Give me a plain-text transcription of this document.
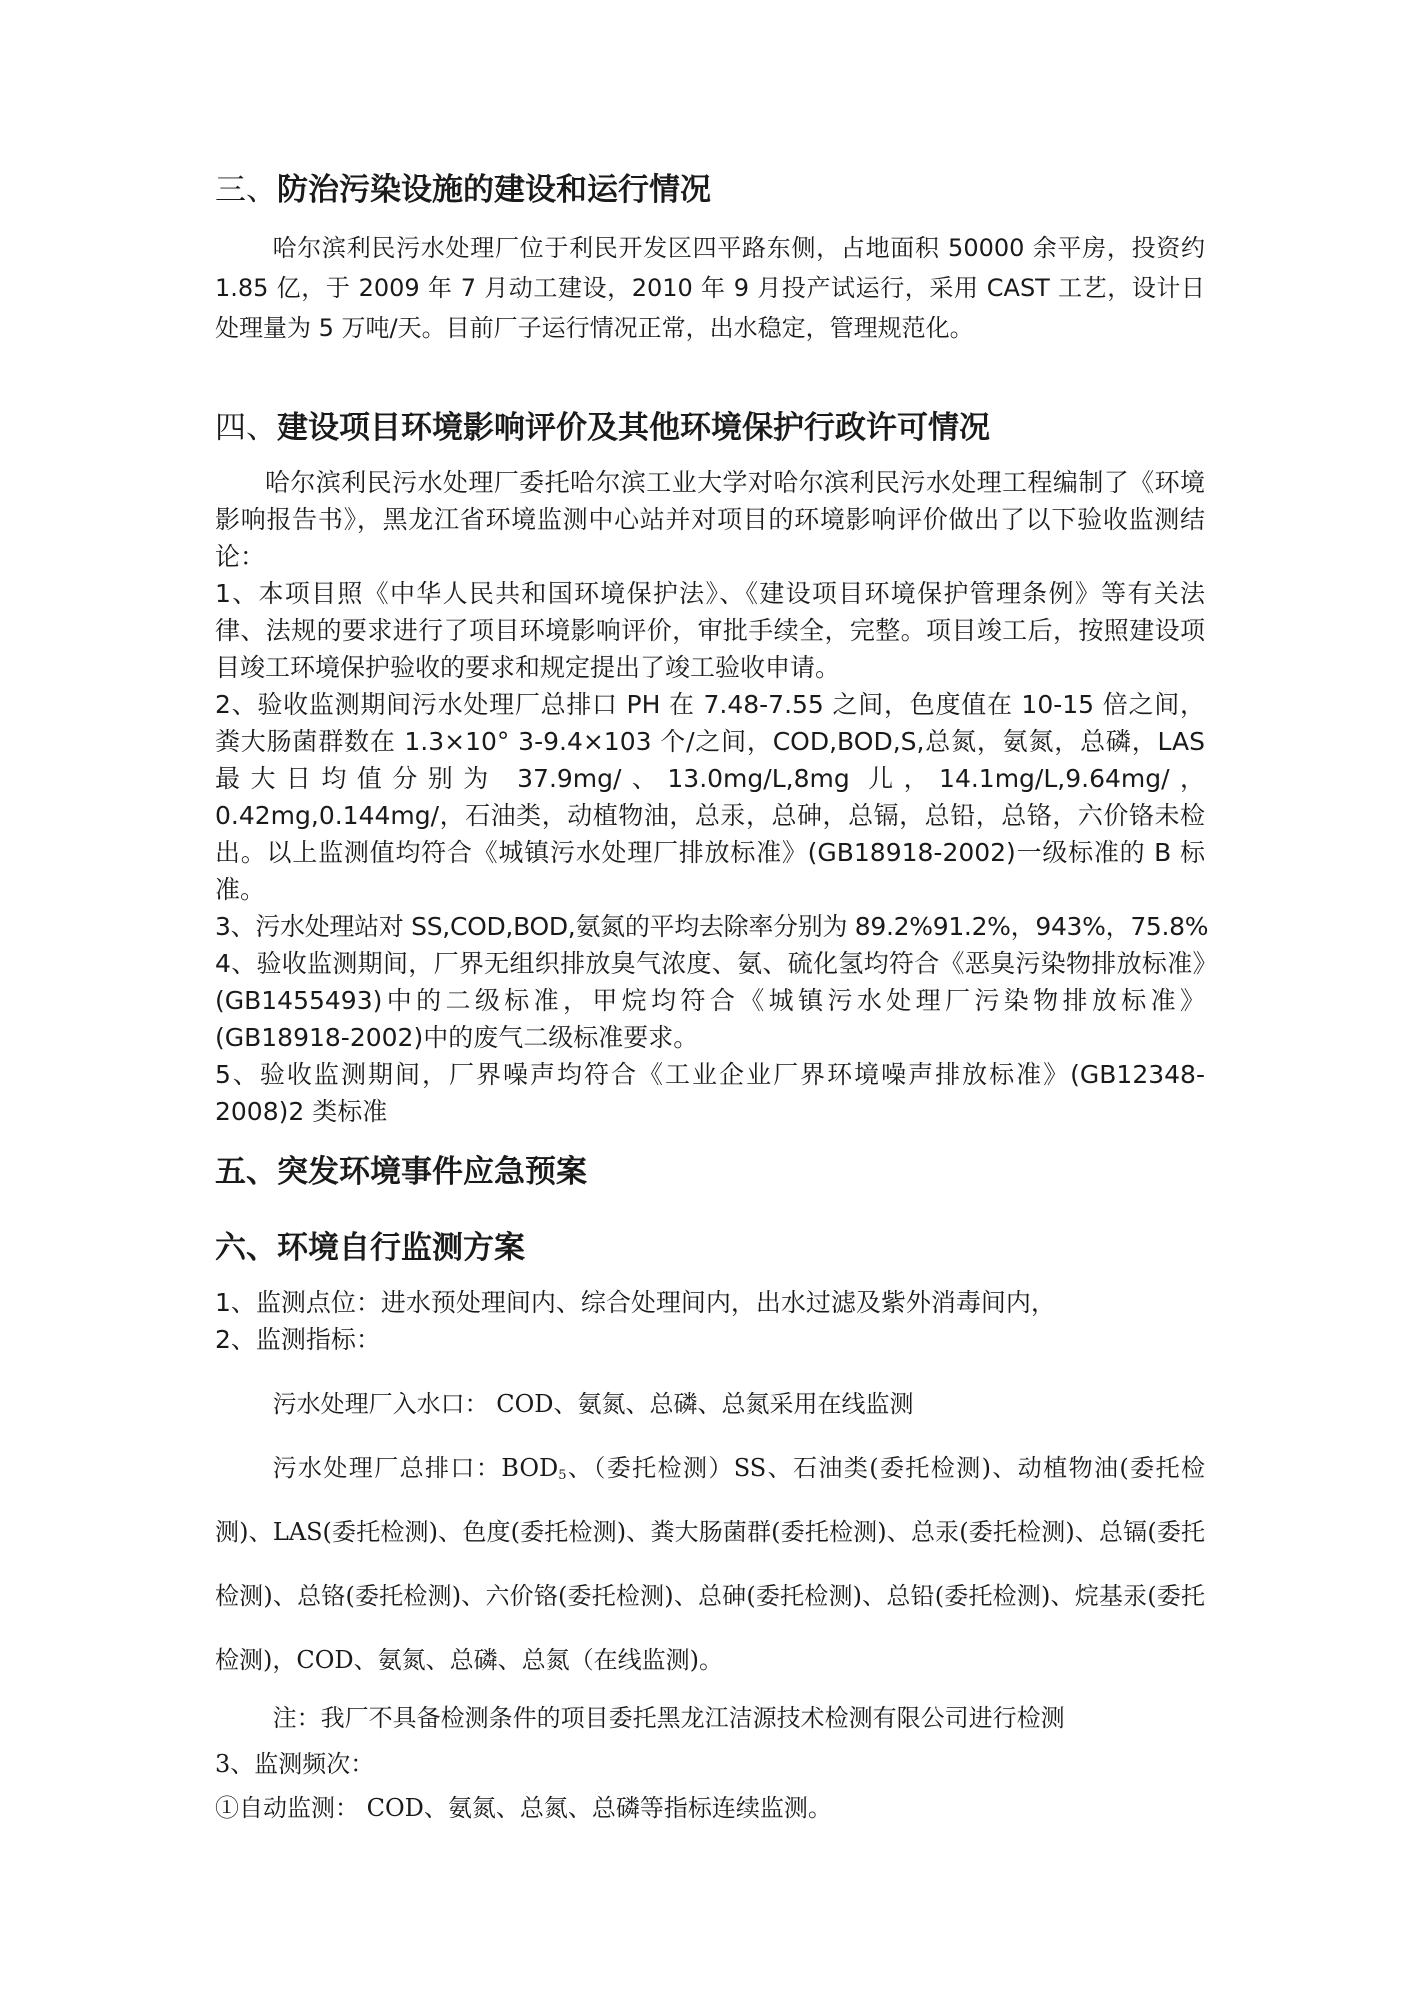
三、防治污染设施的建设和运行情况

哈尔滨利民污水处理厂位于利民开发区四平路东侧，占地面积 50000 余平房，投资约 1.85 亿，于 2009 年 7 月动工建设，2010 年 9 月投产试运行，采用 CAST 工艺，设计日处理量为 5 万吨/天。目前厂子运行情况正常，出水稳定，管理规范化。

四、建设项目环境影响评价及其他环境保护行政许可情况

哈尔滨利民污水处理厂委托哈尔滨工业大学对哈尔滨利民污水处理工程编制了《环境影响报告书》，黑龙江省环境监测中心站并对项目的环境影响评价做出了以下验收监测结论：

1、本项目照《中华人民共和国环境保护法》、《建设项目环境保护管理条例》等有关法律、法规的要求进行了项目环境影响评价，审批手续全，完整。项目竣工后，按照建设项目竣工环境保护验收的要求和规定提出了竣工验收申请。

2、验收监测期间污水处理厂总排口 PH 在 7.48-7.55 之间，色度值在 10-15 倍之间，粪大肠菌群数在 1.3×10° 3-9.4×103 个/之间，COD,BOD,S,总氮，氨氮，总磷，LAS 最大日均值分别为 37.9mg/、13.0mg/L,8mg 儿，14.1mg/L,9.64mg/，0.42mg,0.144mg/，石油类，动植物油，总汞，总砷，总镉，总铅，总铬，六价铬未检出。以上监测值均符合《城镇污水处理厂排放标准》(GB18918-2002)一级标准的 B 标准。

3、污水处理站对 SS,COD,BOD,氨氮的平均去除率分别为 89.2%91.2%，943%，75.8%

4、验收监测期间，厂界无组织排放臭气浓度、氨、硫化氢均符合《恶臭污染物排放标准》(GB1455493)中的二级标准，甲烷均符合《城镇污水处理厂污染物排放标准》(GB18918-2002)中的废气二级标准要求。

5、验收监测期间，厂界噪声均符合《工业企业厂界环境噪声排放标准》(GB12348-2008)2 类标准

五、突发环境事件应急预案
六、环境自行监测方案

1、监测点位：进水预处理间内、综合处理间内，出水过滤及紫外消毒间内，

2、监测指标：

污水处理厂入水口： COD、氨氮、总磷、总氮采用在线监测

污水处理厂总排口：$BOD_5$、（委托检测）SS、石油类(委托检测)、动植物油(委托检测)、LAS(委托检测)、色度(委托检测)、粪大肠菌群(委托检测)、总汞(委托检测)、总镉(委托检测)、总铬(委托检测)、六价铬(委托检测)、总砷(委托检测)、总铅(委托检测)、烷基汞(委托检测)，COD、氨氮、总磷、总氮（在线监测)。

注：我厂不具备检测条件的项目委托黑龙江洁源技术检测有限公司进行检测

3、监测频次：

①自动监测： COD、氨氮、总氮、总磷等指标连续监测。
